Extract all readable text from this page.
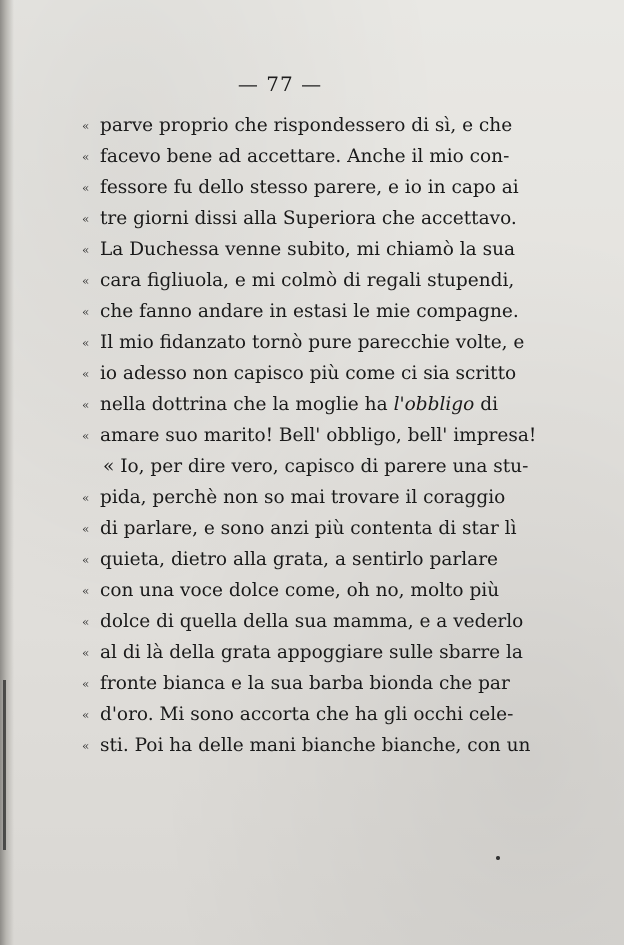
— 77 —
« parve proprio che rispondessero di sì, e che
« facevo bene ad accettare. Anche il mio con-
« fessore fu dello stesso parere, e io in capo ai
« tre giorni dissi alla Superiora che accettavo.
« La Duchessa venne subito, mi chiamò la sua
« cara figliuola, e mi colmò di regali stupendi,
« che fanno andare in estasi le mie compagne.
« Il mio fidanzato tornò pure parecchie volte, e
« io adesso non capisco più come ci sia scritto
« nella dottrina che la moglie ha l'obbligo di
« amare suo marito! Bell' obbligo, bell' impresa!
« Io, per dire vero, capisco di parere una stu-
« pida, perchè non so mai trovare il coraggio
« di parlare, e sono anzi più contenta di star lì
« quieta, dietro alla grata, a sentirlo parlare
« con una voce dolce come, oh no, molto più
« dolce di quella della sua mamma, e a vederlo
« al di là della grata appoggiare sulle sbarre la
« fronte bianca e la sua barba bionda che par
« d'oro. Mi sono accorta che ha gli occhi cele-
« sti. Poi ha delle mani bianche bianche, con un
